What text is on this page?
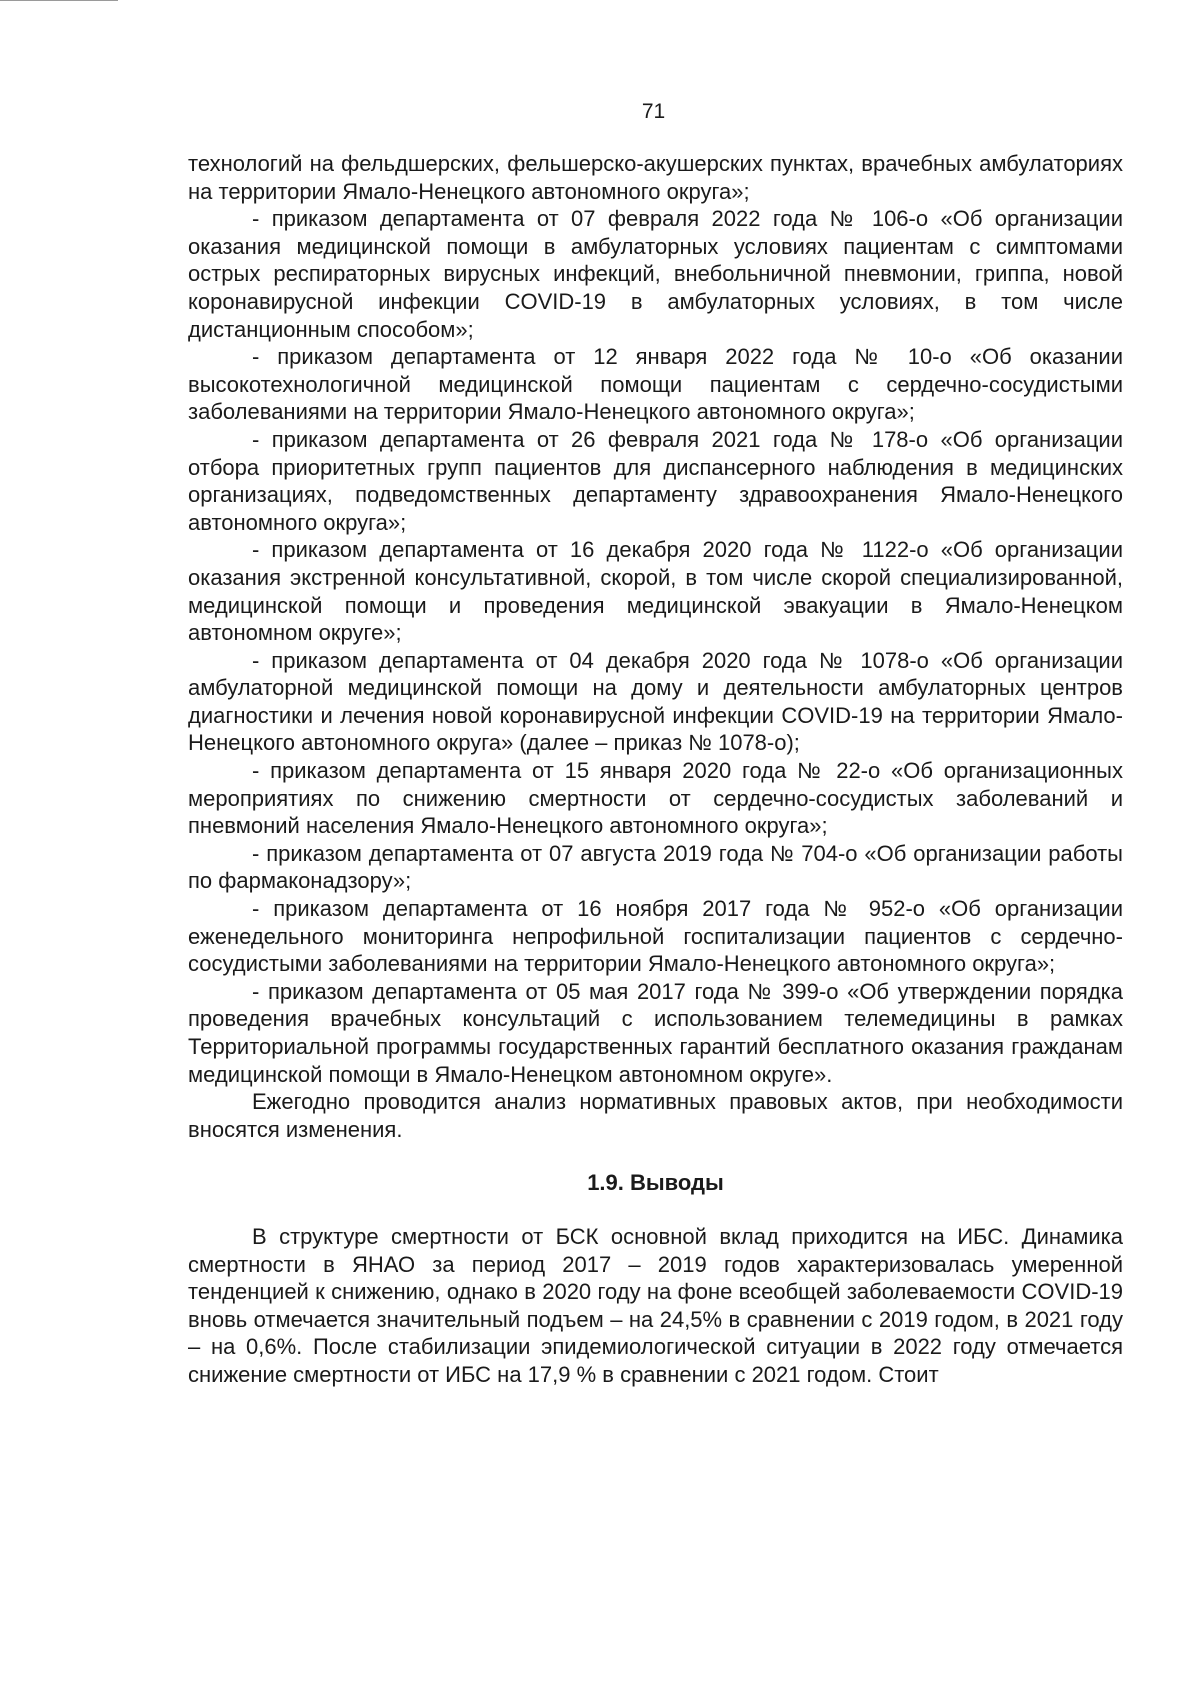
71

технологий на фельдшерских, фельшерско-акушерских пунктах, врачебных амбулаториях на территории Ямало-Ненецкого автономного округа»;

- приказом департамента от 07 февраля 2022 года № 106-о «Об организации оказания медицинской помощи в амбулаторных условиях пациентам с симптомами острых респираторных вирусных инфекций, внебольничной пневмонии, гриппа, новой коронавирусной инфекции COVID-19 в амбулаторных условиях, в том числе дистанционным способом»;

- приказом департамента от 12 января 2022 года № 10-о «Об оказании высокотехнологичной медицинской помощи пациентам с сердечно-сосудистыми заболеваниями на территории Ямало-Ненецкого автономного округа»;

- приказом департамента от 26 февраля 2021 года № 178-о «Об организации отбора приоритетных групп пациентов для диспансерного наблюдения в медицинских организациях, подведомственных департаменту здравоохранения Ямало-Ненецкого автономного округа»;

- приказом департамента от 16 декабря 2020 года № 1122-о «Об организации оказания экстренной консультативной, скорой, в том числе скорой специализированной, медицинской помощи и проведения медицинской эвакуации в Ямало-Ненецком автономном округе»;

- приказом департамента от 04 декабря 2020 года № 1078-о «Об организации амбулаторной медицинской помощи на дому и деятельности амбулаторных центров диагностики и лечения новой коронавирусной инфекции COVID-19 на территории Ямало-Ненецкого автономного округа» (далее – приказ № 1078-о);

- приказом департамента от 15 января 2020 года № 22-о «Об организационных мероприятиях по снижению смертности от сердечно-сосудистых заболеваний и пневмоний населения Ямало-Ненецкого автономного округа»;

- приказом департамента от 07 августа 2019 года № 704-о «Об организации работы по фармаконадзору»;

- приказом департамента от 16 ноября 2017 года № 952-о «Об организации еженедельного мониторинга непрофильной госпитализации пациентов с сердечно-сосудистыми заболеваниями на территории Ямало-Ненецкого автономного округа»;

- приказом департамента от 05 мая 2017 года № 399-о «Об утверждении порядка проведения врачебных консультаций с использованием телемедицины в рамках Территориальной программы государственных гарантий бесплатного оказания гражданам медицинской помощи в Ямало-Ненецком автономном округе».

Ежегодно проводится анализ нормативных правовых актов, при необходимости вносятся изменения.

1.9. Выводы

В структуре смертности от БСК основной вклад приходится на ИБС. Динамика смертности в ЯНАО за период 2017 – 2019 годов характеризовалась умеренной тенденцией к снижению, однако в 2020 году на фоне всеобщей заболеваемости COVID-19 вновь отмечается значительный подъем – на 24,5% в сравнении с 2019 годом, в 2021 году – на 0,6%. После стабилизации эпидемиологической ситуации в 2022 году отмечается снижение смертности от ИБС на 17,9 % в сравнении с 2021 годом. Стоит
